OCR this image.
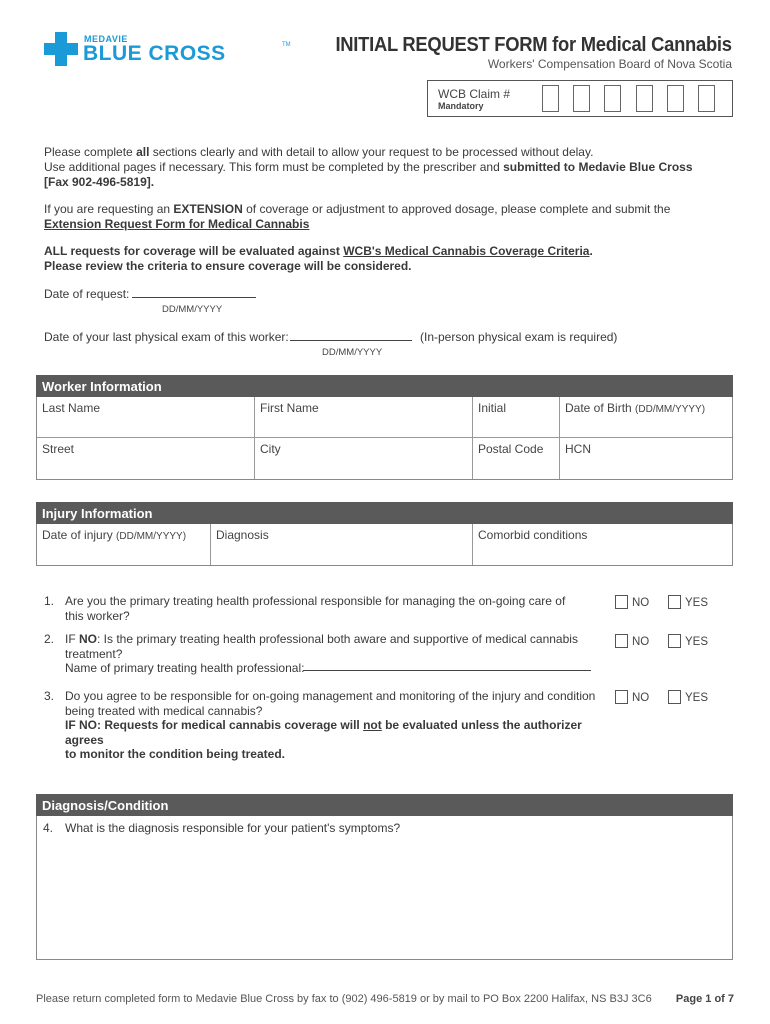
MEDAVIE
BLUE CROSS	TM INITIAL REQUEST FORM for Medical Cannabis
Workers' Compensation Board of Nova Scotia
WCB Claim #
Mandatory
Please complete all sections clearly and with detail to allow your request to be processed without delay.
Use additional pages if necessary. This form must be completed by the prescriber and submitted to Medavie Blue Cross
[Fax 902-496-5819].
If you are requesting an EXTENSION of coverage or adjustment to approved dosage, please complete and submit the
Extension Request Form for Medical Cannabis
ALL requests for coverage will be evaluated against WCB's Medical Cannabis Coverage Criteria.
Please review the criteria to ensure coverage will be considered.
Date of request:
DD/MM/YYYY
Date of your last physical exam of this worker:	(In-person physical exam is required)
DD/MM/YYYY
Worker Information
Last Name	First Name	Initial	Date of Birth (DD/MM/YYYY)
Street	City	Postal Code	HCN
Injury Information
Date of injury (DD/MM/YYYY)	Diagnosis	Comorbid conditions
1. Are you the primary treating health professional responsible for managing the on-going care of
this worker?
NO	YES
2. IF NO: Is the primary treating health professional both aware and supportive of medical cannabis
treatment?
Name of primary treating health professional:
NO	YES
3. Do you agree to be responsible for on-going management and monitoring of the injury and condition
being treated with medical cannabis?
IF NO: Requests for medical cannabis coverage will not be evaluated unless the authorizer agrees
to monitor the condition being treated.
NO	YES
Diagnosis/Condition
4. What is the diagnosis responsible for your patient's symptoms?
Please return completed form to Medavie Blue Cross by fax to (902) 496-5819 or by mail to PO Box 2200 Halifax, NS B3J 3C6 Page 1 of 7
